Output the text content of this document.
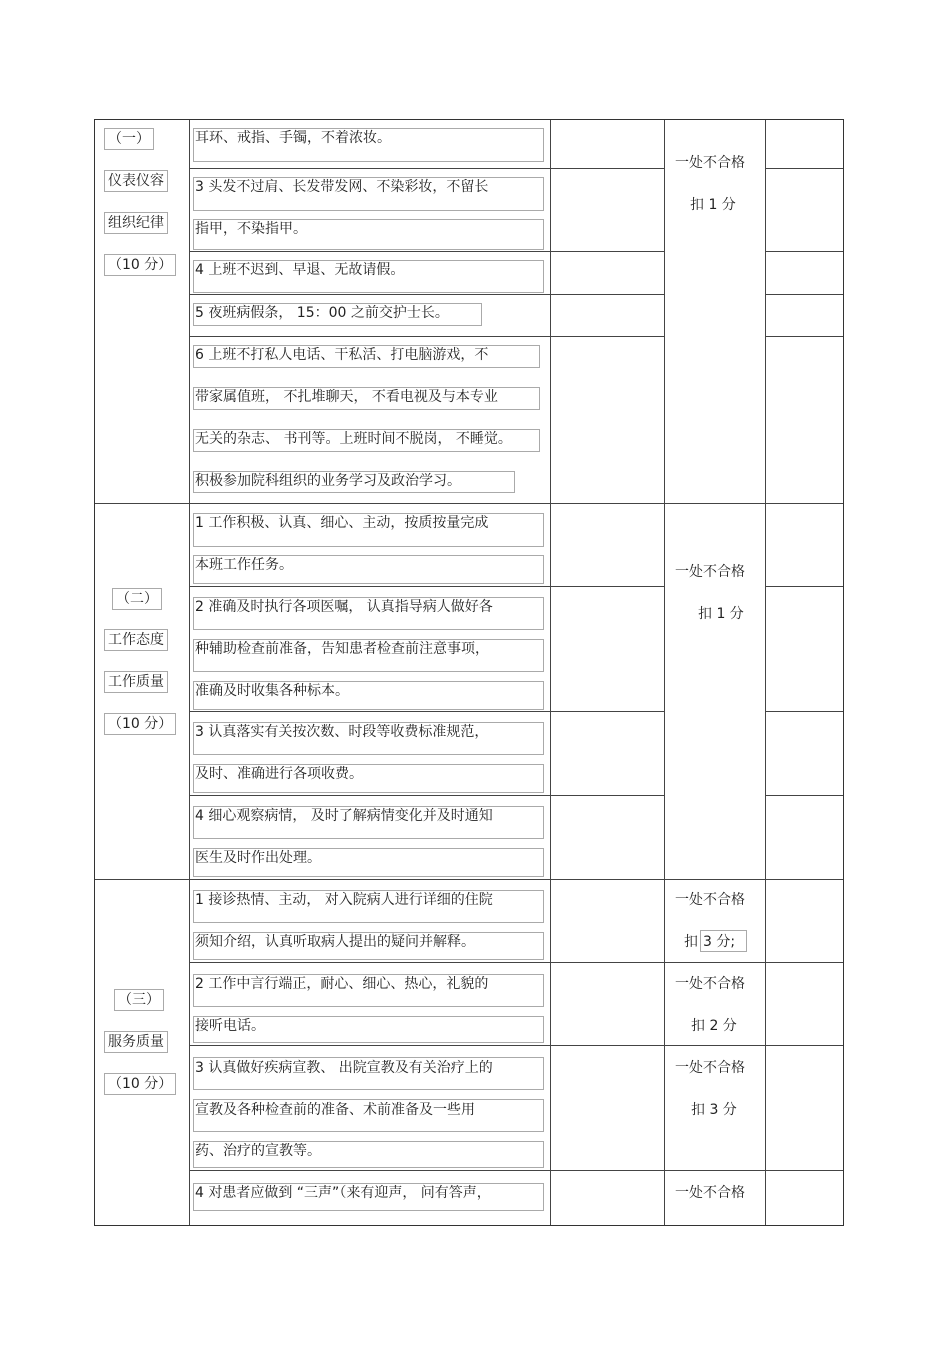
（一）
仪表仪容
组织纪律
（10 分）
（二）
工作态度
工作质量
（10 分）
（三）
服务质量
（10 分）
耳环、戒指、手镯，不着浓妆。
3 头发不过肩、长发带发网、不染彩妆，不留长
指甲，不染指甲。
4 上班不迟到、早退、无故请假。
5 夜班病假条， 15：00 之前交护士长。
6 上班不打私人电话、干私活、打电脑游戏，不
带家属值班， 不扎堆聊天， 不看电视及与本专业
无关的杂志、 书刊等。上班时间不脱岗， 不睡觉。
积极参加院科组织的业务学习及政治学习。
一处不合格
扣 1 分
1 工作积极、认真、细心、主动，按质按量完成
本班工作任务。
2 准确及时执行各项医嘱， 认真指导病人做好各
种辅助检查前准备，告知患者检查前注意事项，
准确及时收集各种标本。
3 认真落实有关按次数、时段等收费标准规范，
及时、准确进行各项收费。
4 细心观察病情， 及时了解病情变化并及时通知
医生及时作出处理。
一处不合格
扣 1 分
1 接诊热情、主动， 对入院病人进行详细的住院
须知介绍，认真听取病人提出的疑问并解释。
2 工作中言行端正，耐心、细心、热心，礼貌的
接听电话。
3 认真做好疾病宣教、 出院宣教及有关治疗上的
宣教及各种检查前的准备、术前准备及一些用
药、治疗的宣教等。
4 对患者应做到 “三声”（来有迎声， 问有答声，
一处不合格
扣 3 分;
一处不合格
扣 2 分
一处不合格
扣 3 分
一处不合格
